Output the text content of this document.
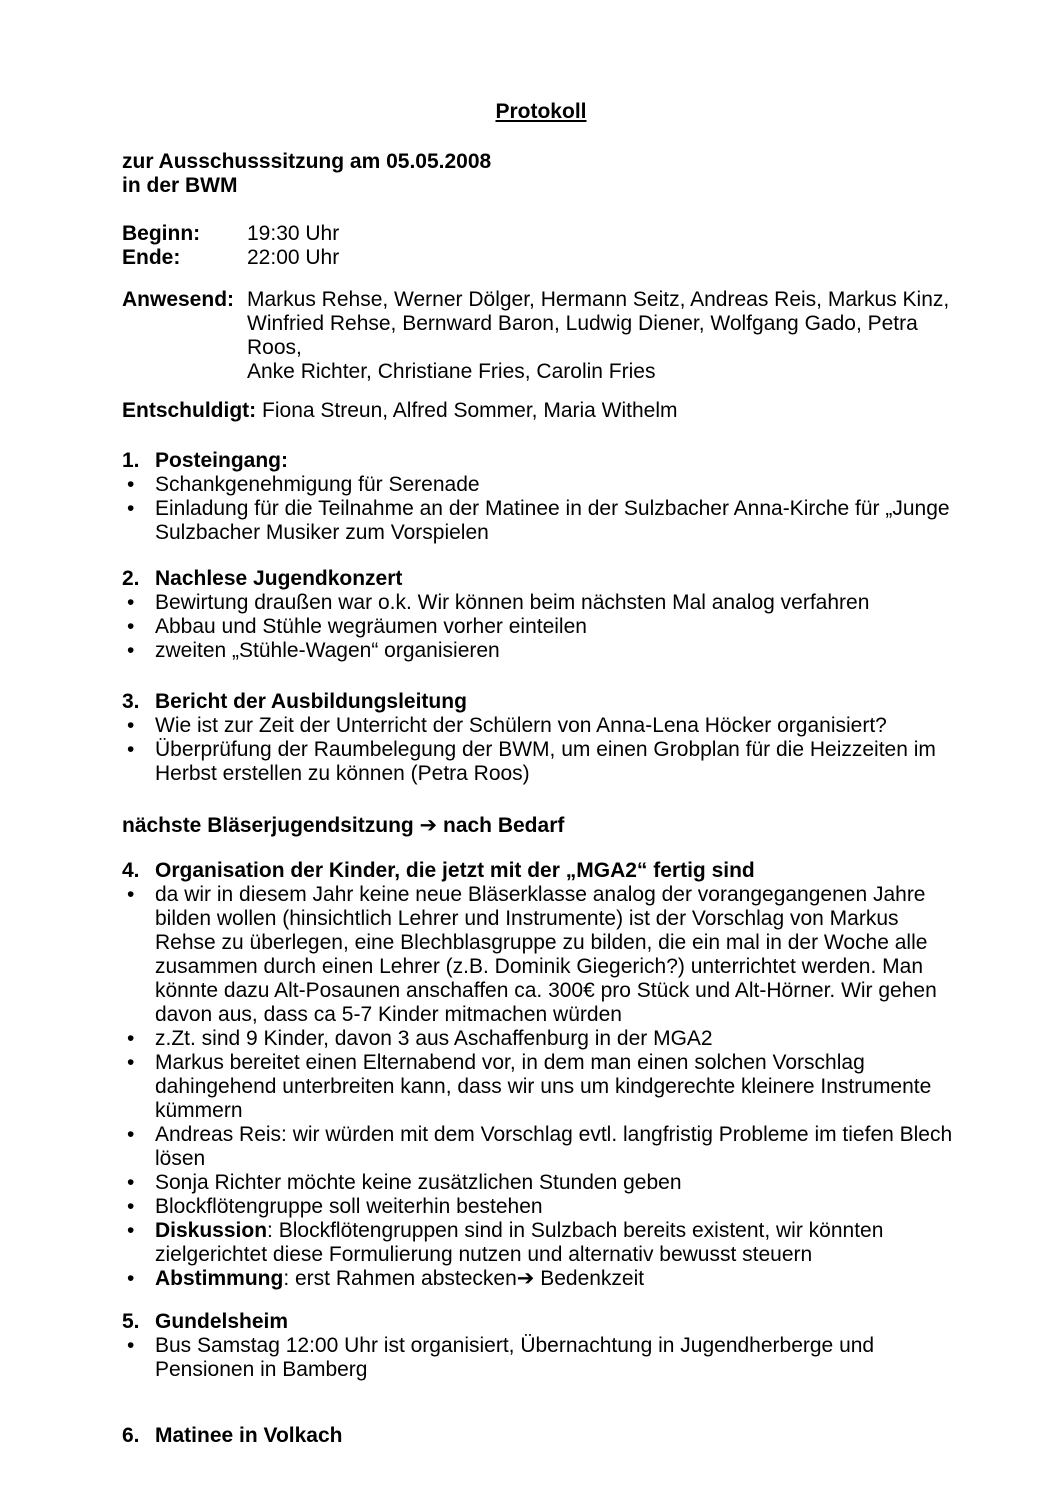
Protokoll
zur Ausschusssitzung am 05.05.2008
in der BWM
Beginn:	19:30 Uhr
Ende:	22:00 Uhr
Anwesend: Markus Rehse, Werner Dölger, Hermann Seitz, Andreas Reis, Markus Kinz,
Winfried Rehse, Bernward Baron, Ludwig Diener, Wolfgang Gado, Petra Roos,
Anke Richter, Christiane Fries, Carolin Fries
Entschuldigt: Fiona Streun, Alfred Sommer, Maria Withelm
1. Posteingang:
• Schankgenehmigung für Serenade
• Einladung für die Teilnahme an der Matinee in der Sulzbacher Anna-Kirche für „Junge Sulzbacher Musiker zum Vorspielen
2. Nachlese Jugendkonzert
• Bewirtung draußen war o.k. Wir können beim nächsten Mal analog verfahren
• Abbau und Stühle wegräumen vorher einteilen
• zweiten „Stühle-Wagen“ organisieren
3. Bericht der Ausbildungsleitung
• Wie ist zur Zeit der Unterricht der Schülern von Anna-Lena Höcker organisiert?
• Überprüfung der Raumbelegung der BWM, um einen Grobplan für die Heizzeiten im Herbst erstellen zu können (Petra Roos)
nächste Bläserjugendsitzung ➔ nach Bedarf
4. Organisation der Kinder, die jetzt mit der „MGA2“ fertig sind
• da wir in diesem Jahr keine neue Bläserklasse analog der vorangegangenen Jahre bilden wollen (hinsichtlich Lehrer und Instrumente) ist der Vorschlag von Markus Rehse zu überlegen, eine Blechblasgruppe zu bilden, die ein mal in der Woche alle zusammen durch einen Lehrer (z.B. Dominik Giegerich?) unterrichtet werden. Man könnte dazu Alt-Posaunen anschaffen ca. 300€ pro Stück und Alt-Hörner. Wir gehen davon aus, dass ca 5-7 Kinder mitmachen würden
• z.Zt. sind 9 Kinder, davon 3 aus Aschaffenburg in der MGA2
• Markus bereitet einen Elternabend vor, in dem man einen solchen Vorschlag dahingehend unterbreiten kann, dass wir uns um kindgerechte kleinere Instrumente kümmern
• Andreas Reis: wir würden mit dem Vorschlag evtl. langfristig Probleme im tiefen Blech lösen
• Sonja Richter möchte keine zusätzlichen Stunden geben
• Blockflötengruppe soll weiterhin bestehen
• Diskussion: Blockflötengruppen sind in Sulzbach bereits existent, wir könnten zielgerichtet diese Formulierung nutzen und alternativ bewusst steuern
• Abstimmung: erst Rahmen abstecken➔ Bedenkzeit
5. Gundelsheim
• Bus Samstag 12:00 Uhr ist organisiert, Übernachtung in Jugendherberge und Pensionen in Bamberg
6. Matinee in Volkach
